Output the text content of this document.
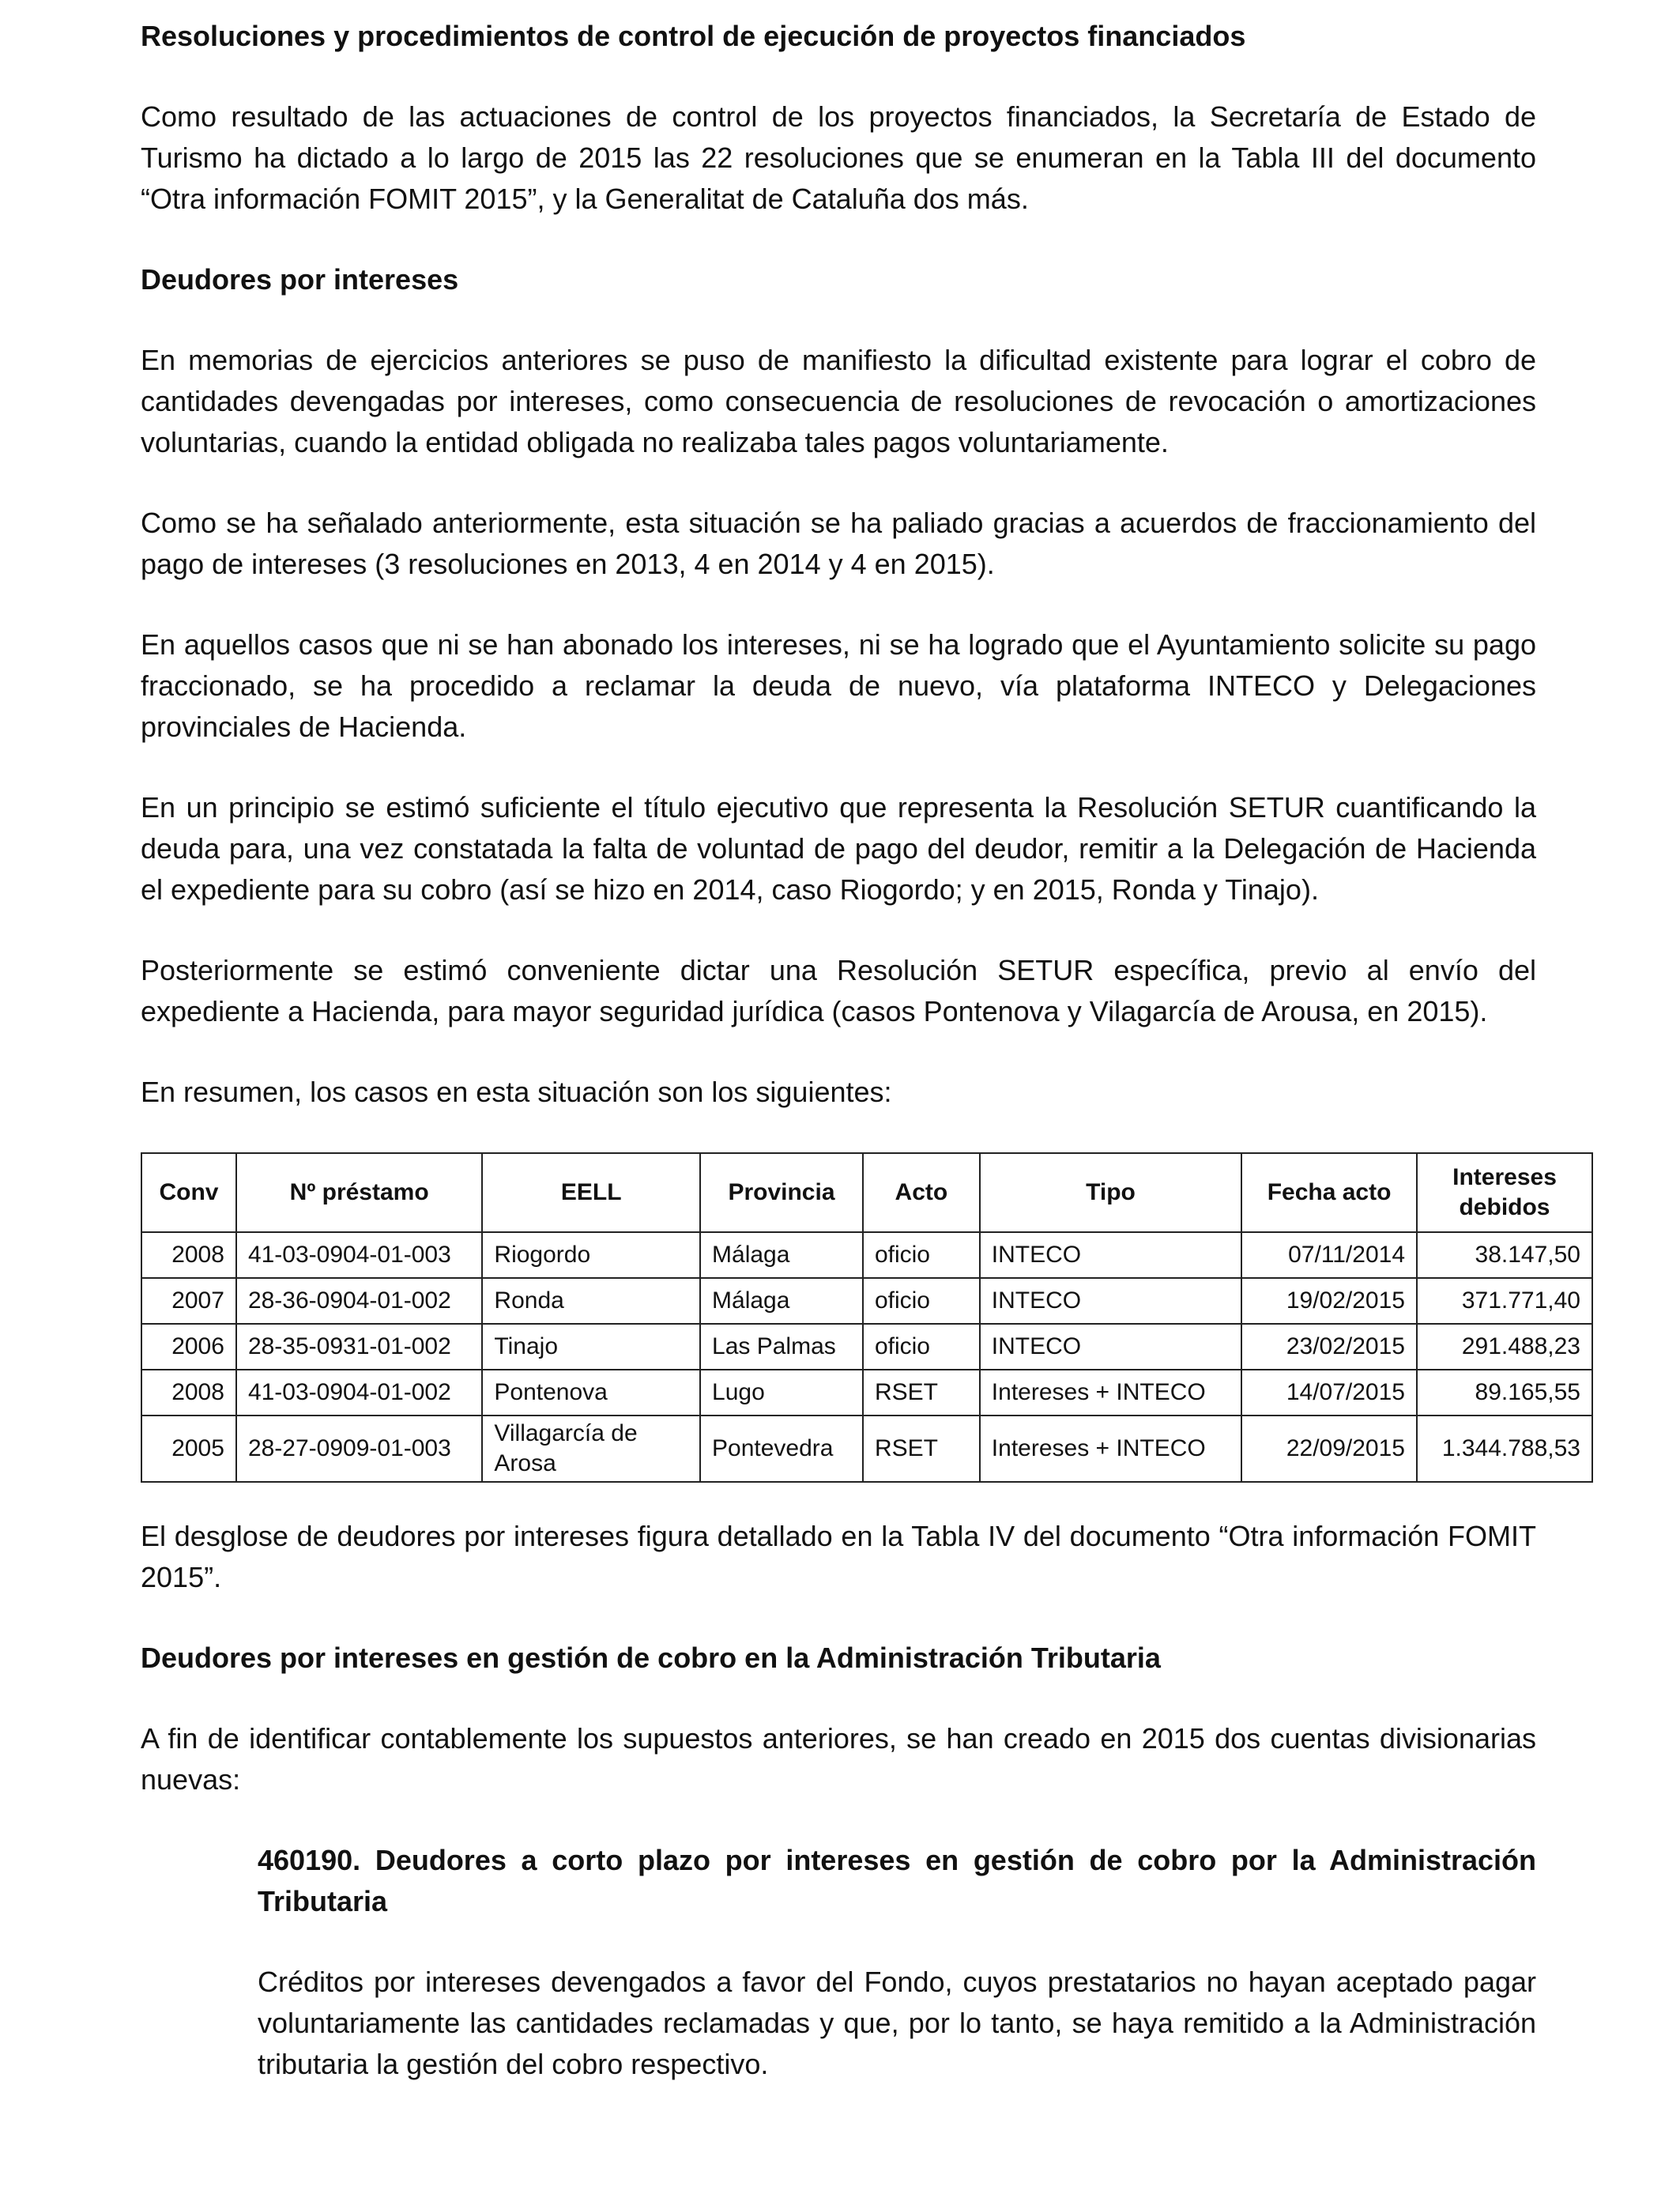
Resoluciones y procedimientos de control de ejecución de proyectos financiados

Como resultado de las actuaciones de control de los proyectos financiados, la Secretaría de Estado de Turismo ha dictado a lo largo de 2015 las 22 resoluciones que se enumeran en la Tabla III del documento “Otra información FOMIT 2015”, y la Generalitat de Cataluña dos más.

Deudores por intereses

En memorias de ejercicios anteriores se puso de manifiesto la dificultad existente para lograr el cobro de cantidades devengadas por intereses, como consecuencia de resoluciones de revocación o amortizaciones voluntarias, cuando la entidad obligada no realizaba tales pagos voluntariamente.

Como se ha señalado anteriormente, esta situación se ha paliado gracias a acuerdos de fraccionamiento del pago de intereses (3 resoluciones en 2013, 4 en 2014 y 4 en 2015).

En aquellos casos que ni se han abonado los intereses, ni se ha logrado que el Ayuntamiento solicite su pago fraccionado, se ha procedido a reclamar la deuda de nuevo, vía plataforma INTECO y Delegaciones provinciales de Hacienda.

En un principio se estimó suficiente el título ejecutivo que representa la Resolución SETUR cuantificando la deuda para, una vez constatada la falta de voluntad de pago del deudor, remitir a la Delegación de Hacienda el expediente para su cobro (así se hizo en 2014, caso Riogordo; y en 2015, Ronda y Tinajo).

Posteriormente se estimó conveniente dictar una Resolución SETUR específica, previo al envío del expediente a Hacienda, para mayor seguridad jurídica (casos Pontenova y Vilagarcía de Arousa, en 2015).

En resumen, los casos en esta situación son los siguientes:

Conv	Nº préstamo	EELL	Provincia	Acto	Tipo	Fecha acto	Intereses debidos
2008	41-03-0904-01-003	Riogordo	Málaga	oficio	INTECO	07/11/2014	38.147,50
2007	28-36-0904-01-002	Ronda	Málaga	oficio	INTECO	19/02/2015	371.771,40
2006	28-35-0931-01-002	Tinajo	Las Palmas	oficio	INTECO	23/02/2015	291.488,23
2008	41-03-0904-01-002	Pontenova	Lugo	RSET	Intereses + INTECO	14/07/2015	89.165,55
2005	28-27-0909-01-003	Villagarcía de Arosa	Pontevedra	RSET	Intereses + INTECO	22/09/2015	1.344.788,53

El desglose de deudores por intereses figura detallado en la Tabla IV del documento “Otra información FOMIT 2015”.

Deudores por intereses en gestión de cobro en la Administración Tributaria

A fin de identificar contablemente los supuestos anteriores, se han creado en 2015 dos cuentas divisionarias nuevas:

460190. Deudores a corto plazo por intereses en gestión de cobro por la Administración Tributaria

Créditos por intereses devengados a favor del Fondo, cuyos prestatarios no hayan aceptado pagar voluntariamente las cantidades reclamadas y que, por lo tanto, se haya remitido a la Administración tributaria la gestión del cobro respectivo.
